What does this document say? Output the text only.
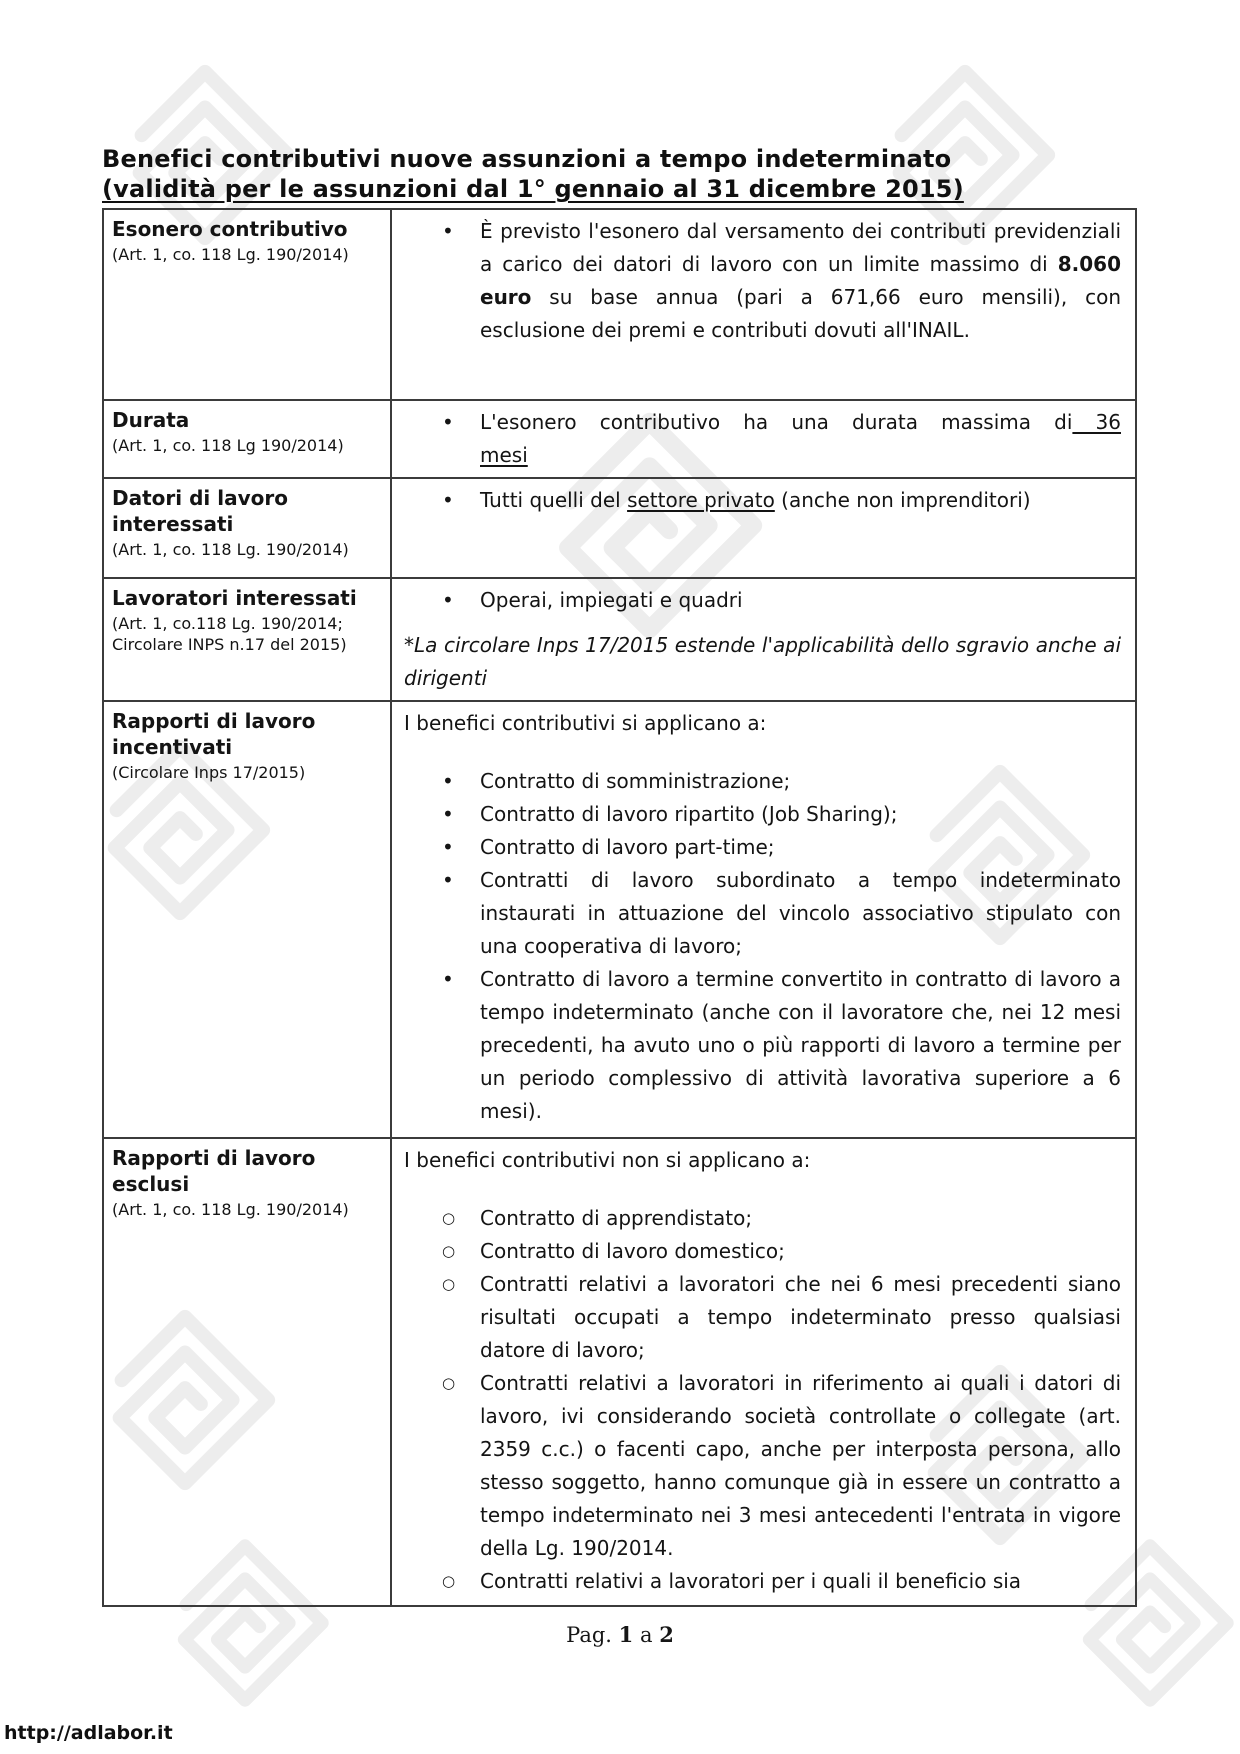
Benefici contributivi nuove assunzioni a tempo indeterminato
(validità per le assunzioni dal 1° gennaio al 31 dicembre 2015)
Esonero contributivo
(Art. 1, co. 118 Lg. 190/2014)

• È previsto l'esonero dal versamento dei contributi previdenziali a carico dei datori di lavoro con un limite massimo di 8.060 euro su base annua (pari a 671,66 euro mensili), con esclusione dei premi e contributi dovuti all'INAIL.

Durata
(Art. 1, co. 118 Lg 190/2014)

• L'esonero contributivo ha una durata massima di 36
mesi

Datori di lavoro interessati
(Art. 1, co. 118 Lg. 190/2014)

• Tutti quelli del settore privato (anche non imprenditori)

Lavoratori interessati
(Art. 1, co.118 Lg. 190/2014; Circolare INPS n.17 del 2015)

• Operai, impiegati e quadri

*La circolare Inps 17/2015 estende l'applicabilità dello sgravio anche ai dirigenti

Rapporti di lavoro incentivati
(Circolare Inps 17/2015)

I benefici contributivi si applicano a:

• Contratto di somministrazione;

• Contratto di lavoro ripartito (Job Sharing);

• Contratto di lavoro part-time;

• Contratti di lavoro subordinato a tempo indeterminato instaurati in attuazione del vincolo associativo stipulato con una cooperativa di lavoro;

• Contratto di lavoro a termine convertito in contratto di lavoro a tempo indeterminato (anche con il lavoratore che, nei 12 mesi precedenti, ha avuto uno o più rapporti di lavoro a termine per un periodo complessivo di attività lavorativa superiore a 6 mesi).

Rapporti di lavoro esclusi
(Art. 1, co. 118 Lg. 190/2014)

I benefici contributivi non si applicano a:

○ Contratto di apprendistato;

○ Contratto di lavoro domestico;

○ Contratti relativi a lavoratori che nei 6 mesi precedenti siano risultati occupati a tempo indeterminato presso qualsiasi datore di lavoro;

○ Contratti relativi a lavoratori in riferimento ai quali i datori di lavoro, ivi considerando società controllate o collegate (art. 2359 c.c.) o facenti capo, anche per interposta persona, allo stesso soggetto, hanno comunque già in essere un contratto a tempo indeterminato nei 3 mesi antecedenti l'entrata in vigore della Lg. 190/2014.

○ Contratti relativi a lavoratori per i quali il beneficio sia

Pag. 1 a 2
http://adlabor.it
